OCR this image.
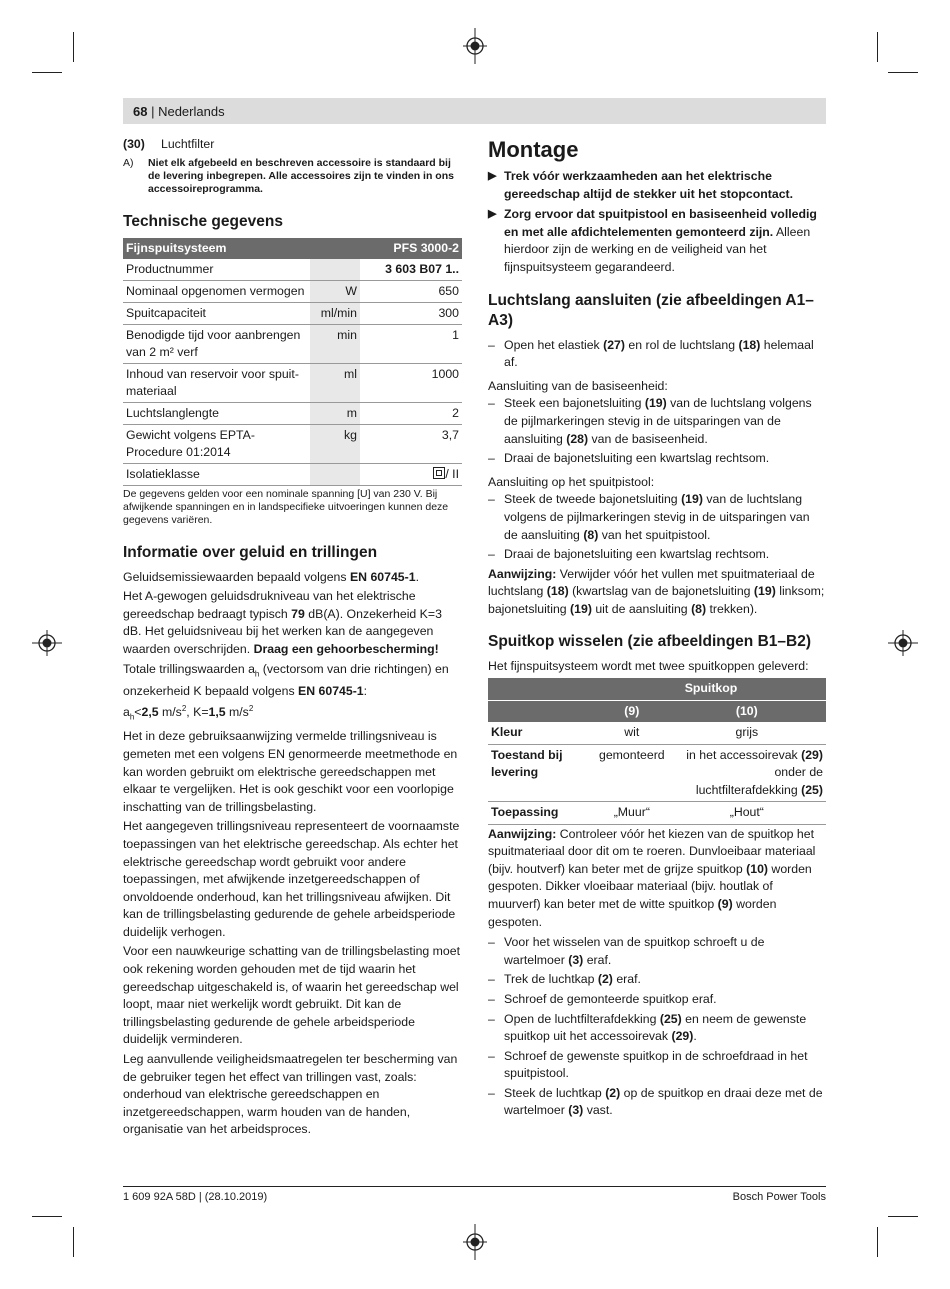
68 | Nederlands
(30)	Luchtfilter
A)	Niet elk afgebeeld en beschreven accessoire is standaard bij de levering inbegrepen. Alle accessoires zijn te vinden in ons accessoireprogramma.
Technische gegevens
Fijnspuitsysteem		PFS 3000-2
Productnummer		3 603 B07 1..
Nominaal opgenomen vermogen	W	650
Spuitcapaciteit	ml/min	300
Benodigde tijd voor aanbrengen van 2 m² verf	min	1
Inhoud van reservoir voor spuitmateriaal	ml	1000
Luchtslanglengte	m	2
Gewicht volgens EPTA-Procedure 01:2014	kg	3,7
Isolatieklasse		/ II
De gegevens gelden voor een nominale spanning [U] van 230 V. Bij afwijkende spanningen en in landspecifieke uitvoeringen kunnen deze gegevens variëren.
Informatie over geluid en trillingen

Geluidsemissiewaarden bepaald volgens EN 60745-1.

Het A-gewogen geluidsdrukniveau van het elektrische gereedschap bedraagt typisch 79 dB(A). Onzekerheid K=3 dB. Het geluidsniveau bij het werken kan de aangegeven waarden overschrijden. Draag een gehoorbescherming!

Totale trillingswaarden $a_h$ (vectorsom van drie richtingen) en onzekerheid K bepaald volgens EN 60745-1:

$a_h<2,5$ $m/s^2$, K=1,5 $m/s^2$

Het in deze gebruiksaanwijzing vermelde trillingsniveau is gemeten met een volgens EN genormeerde meetmethode en kan worden gebruikt om elektrische gereedschappen met elkaar te vergelijken. Het is ook geschikt voor een voorlopige inschatting van de trillingsbelasting.

Het aangegeven trillingsniveau representeert de voornaamste toepassingen van het elektrische gereedschap. Als echter het elektrische gereedschap wordt gebruikt voor andere toepassingen, met afwijkende inzetgereedschappen of onvoldoende onderhoud, kan het trillingsniveau afwijken. Dit kan de trillingsbelasting gedurende de gehele arbeidsperiode duidelijk verhogen.

Voor een nauwkeurige schatting van de trillingsbelasting moet ook rekening worden gehouden met de tijd waarin het gereedschap uitgeschakeld is, of waarin het gereedschap wel loopt, maar niet werkelijk wordt gebruikt. Dit kan de trillingsbelasting gedurende de gehele arbeidsperiode duidelijk verminderen.

Leg aanvullende veiligheidsmaatregelen ter bescherming van de gebruiker tegen het effect van trillingen vast, zoals: onderhoud van elektrische gereedschappen en inzetgereedschappen, warm houden van de handen, organisatie van het arbeidsproces.

Montage
▶ Trek vóór werkzaamheden aan het elektrische gereedschap altijd de stekker uit het stopcontact.
▶ Zorg ervoor dat spuitpistool en basiseenheid volledig en met alle afdichtelementen gemonteerd zijn. Alleen hierdoor zijn de werking en de veiligheid van het fijnspuitsysteem gegarandeerd.
Luchtslang aansluiten (zie afbeeldingen A1–A3)
– Open het elastiek (27) en rol de luchtslang (18) helemaal af.

Aansluiting van de basiseenheid:

– Steek een bajonetsluiting (19) van de luchtslang volgens de pijlmarkeringen stevig in de uitsparingen van de aansluiting (28) van de basiseenheid.
– Draai de bajonetsluiting een kwartslag rechtsom.

Aansluiting op het spuitpistool:

– Steek de tweede bajonetsluiting (19) van de luchtslang volgens de pijlmarkeringen stevig in de uitsparingen van de aansluiting (8) van het spuitpistool.
– Draai de bajonetsluiting een kwartslag rechtsom.

Aanwijzing: Verwijder vóór het vullen met spuitmateriaal de luchtslang (18) (kwartslag van de bajonetsluiting (19) linksom; bajonetsluiting (19) uit de aansluiting (8) trekken).

Spuitkop wisselen (zie afbeeldingen B1–B2)

Het fijnspuitsysteem wordt met twee spuitkoppen geleverd:

	Spuitkop	
	(9)	(10)
Kleur	wit	grijs
Toestand bij levering	gemonteerd	in het accessoirevak (29) onder de luchtfilterafdekking (25)
Toepassing	„Muur“	„Hout“

Aanwijzing: Controleer vóór het kiezen van de spuitkop het spuitmateriaal door dit om te roeren. Dunvloeibaar materiaal (bijv. houtverf) kan beter met de grijze spuitkop (10) worden gespoten. Dikker vloeibaar materiaal (bijv. houtlak of muurverf) kan beter met de witte spuitkop (9) worden gespoten.

– Voor het wisselen van de spuitkop schroeft u de wartelmoer (3) eraf.
– Trek de luchtkap (2) eraf.
– Schroef de gemonteerde spuitkop eraf.
– Open de luchtfilterafdekking (25) en neem de gewenste spuitkop uit het accessoirevak (29).
– Schroef de gewenste spuitkop in de schroefdraad in het spuitpistool.
– Steek de luchtkap (2) op de spuitkop en draai deze met de wartelmoer (3) vast.
1 609 92A 58D | (28.10.2019)	Bosch Power Tools
